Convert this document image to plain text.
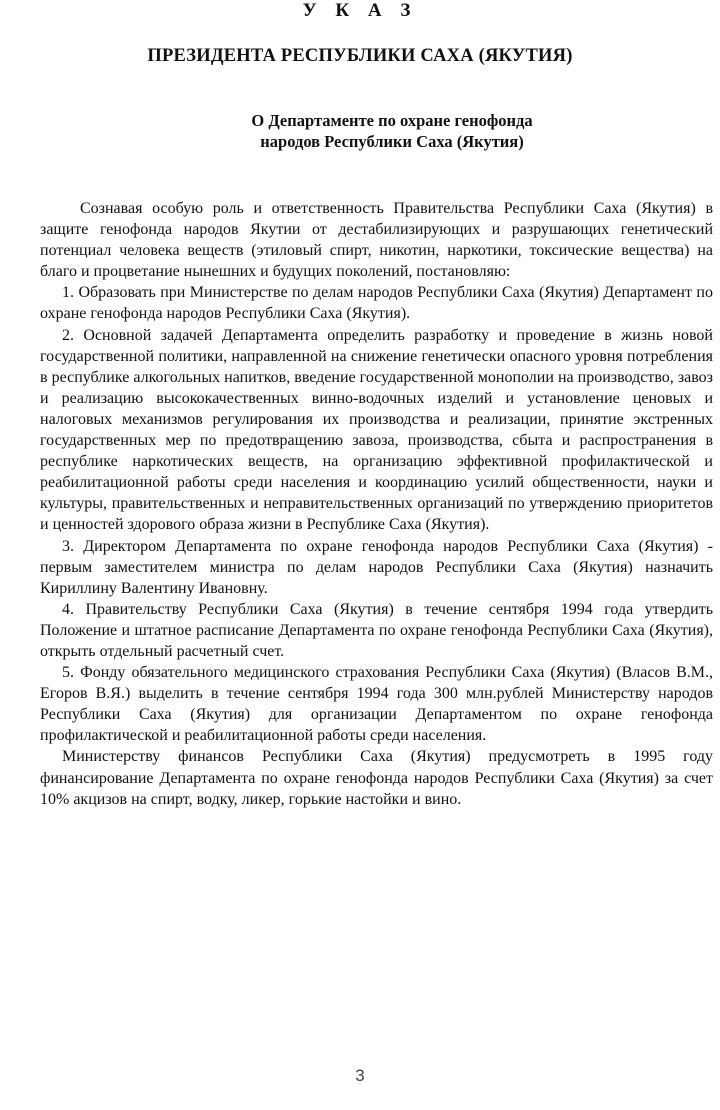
У К А З
ПРЕЗИДЕНТА РЕСПУБЛИКИ САХА (ЯКУТИЯ)
О Департаменте по охране генофонда
народов Республики Саха (Якутия)

Сознавая особую роль и ответственность Правительства Республики Саха (Якутия) в защите генофонда народов Якутии от дестабилизирующих и разрушающих генетический потенциал человека веществ (этиловый спирт, никотин, наркотики, токсические вещества) на благо и процветание нынешних и будущих поколений, постановляю:

1. Образовать при Министерстве по делам народов Республики Саха (Якутия) Департамент по охране генофонда народов Республики Саха (Якутия).

2. Основной задачей Департамента определить разработку и проведение в жизнь новой государственной политики, направленной на снижение генетически опасного уровня потребления в республике алкогольных напитков, введение государственной монополии на производство, завоз и реализацию высококачественных винно-водочных изделий и установление ценовых и налоговых механизмов регулирования их производства и реализации, принятие экстренных государственных мер по предотвращению завоза, производства, сбыта и распространения в республике наркотических веществ, на организацию эффективной профилактической и реабилитационной работы среди населения и координацию усилий общественности, науки и культуры, правительственных и неправительственных организаций по утверждению приоритетов и ценностей здорового образа жизни в Республике Саха (Якутия).

3. Директором Департамента по охране генофонда народов Республики Саха (Якутия) - первым заместителем министра по делам народов Республики Саха (Якутия) назначить Кириллину Валентину Ивановну.

4. Правительству Республики Саха (Якутия) в течение сентября 1994 года утвердить Положение и штатное расписание Департамента по охране генофонда Республики Саха (Якутия), открыть отдельный расчетный счет.

5. Фонду обязательного медицинского страхования Республики Саха (Якутия) (Власов В.М., Егоров В.Я.) выделить в течение сентября 1994 года 300 млн.рублей Министерству народов Республики Саха (Якутия) для организации Департаментом по охране генофонда профилактической и реабилитационной работы среди населения.

Министерству финансов Республики Саха (Якутия) предусмотреть в 1995 году финансирование Департамента по охране генофонда народов Республики Саха (Якутия) за счет 10% акцизов на спирт, водку, ликер, горькие настойки и вино.

3
